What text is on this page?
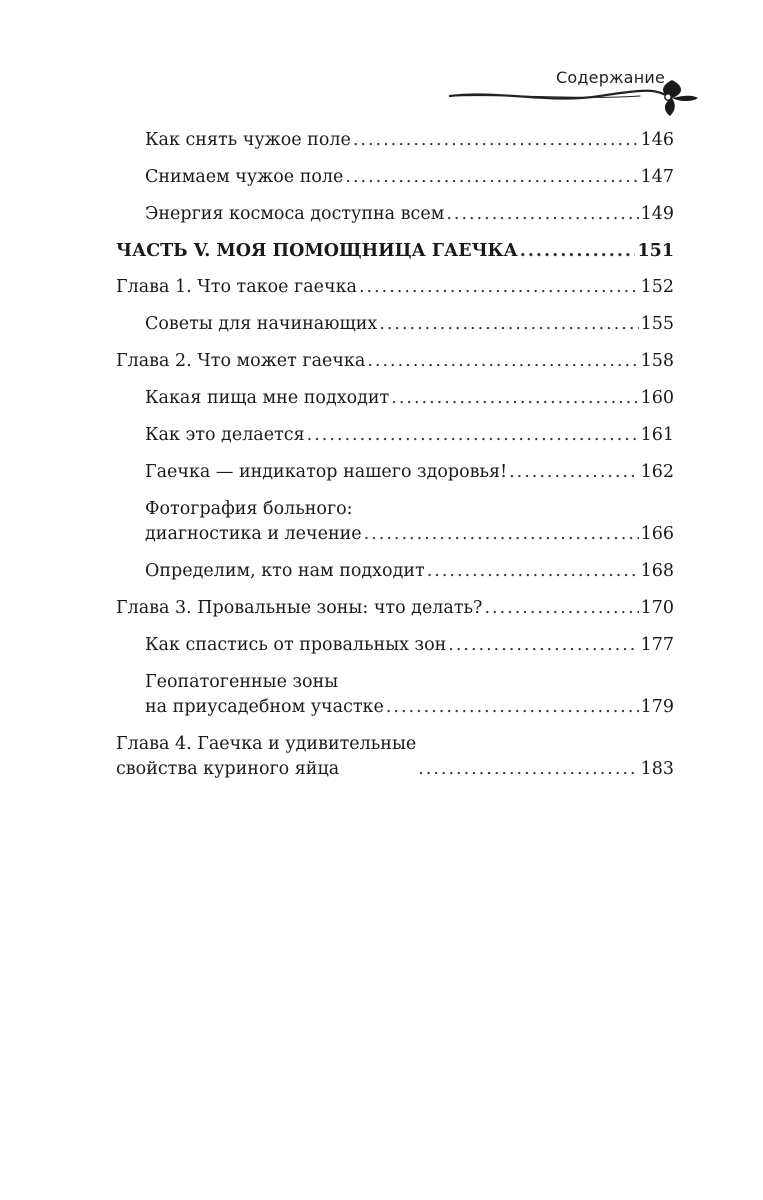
Содержание
Как снять чужое поле .....	146
Снимаем чужое поле .....	147
Энергия космоса доступна всем .....	149
ЧАСТЬ V. МОЯ ПОМОЩНИЦА ГАЕЧКА .....	151
Глава 1. Что такое гаечка .....	152
Советы для начинающих .....	155
Глава 2. Что может гаечка .....	158
Какая пища мне подходит .....	160
Как это делается .....	161
Гаечка — индикатор нашего здоровья! .....	162
Фотография больного:
диагностика и лечение .....	166
Определим, кто нам подходит .....	168
Глава 3. Провальные зоны: что делать? .....	170
Как спастись от провальных зон .....	177
Геопатогенные зоны
на приусадебном участке .....	179
Глава 4. Гаечка и удивительные
свойства куриного яйца .....	183
